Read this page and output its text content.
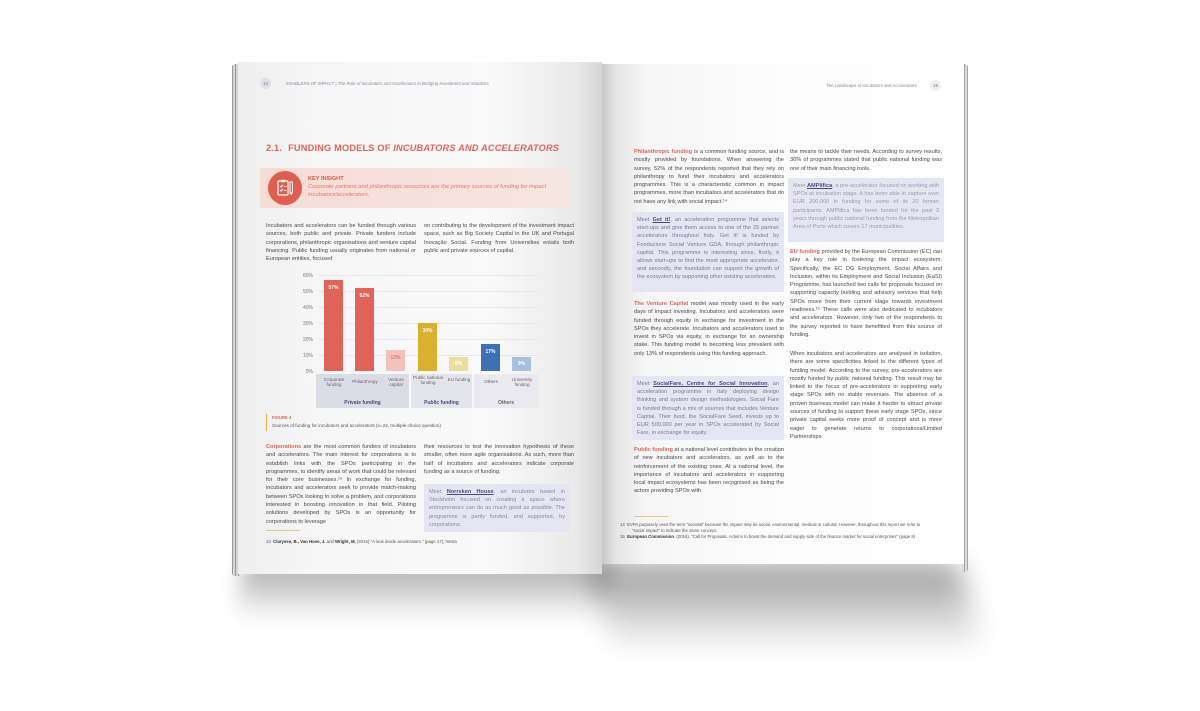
14	ENABLERS OF IMPACT | The Role of Incubators and Accelerators in Bridging Investment and Solutions
2.1. FUNDING MODELS OF INCUBATORS AND ACCELERATORS
KEY INSIGHT
Corporate partners and philanthropic resources are the primary sources of funding for impact incubators/accelerators.
Incubators and accelerators can be funded through various sources, both public and private. Private funders include corporations, philanthropic organisations and venture capital financing. Public funding usually originates from national or European entities, focused
on contributing to the development of the investment impact space, such as Big Society Capital in the UK and Portugal Inovação Social. Funding from Universities entails both public and private sources of capital.
60%
50%
40%
30%
20%
10%
0%
57%
52%
13%
30%
9%
17%
9%
Corporate funding
Philanthropy	Venture capital
Public national funding
EU funding	Others	University funding
Private funding	Public funding	Others
FIGURE 4
Sources of funding for incubators and accelerators (n=22, multiple choice question)
Corporations are the most common funders of incubators and accelerators. The main interest for corporations is to establish links with the SPOs participating in the programmes, to identify areas of work that could be relevant for their core businesses.¹³ In exchange for funding, incubators and accelerators seek to provide match-making between SPOs looking to solve a problem, and corporations interested in boosting innovation in that field. Piloting solutions developed by SPOs is an opportunity for corporations to leverage
their resources to test the innovation hypothesis of these smaller, often more agile organisations. As such, more than half of incubators and accelerators indicate corporate funding as a source of funding.
Meet Norrsken House, an incubator based in Stockholm focused on creating a space where entrepreneurs can do as much good as possible. The programme is partly funded, and supported, by corporations.
13 Clarysse, B., Van Hove, J. and Wright, M. (2015) "A look inside accelerators." (page 17), Nesta
The Landscape of Incubators and Accelerators	15
Philanthropic funding is a common funding source, and is mostly provided by foundations. When answering the survey, 52% of the respondents reported that they rely on philanthropy to fund their incubators and accelerators programmes. This is a characteristic common in impact programmes, more than incubators and accelerators that do not have any link with social impact.¹⁴
Meet Get it!, an acceleration programme that selects start-ups and give them access to one of the 25 partner accelerators throughout Italy. Get it! is funded by Fondazione Social Venture GDA, through philanthropic capital. This programme is interesting since, firstly, it allows start-ups to find the most appropriate accelerator, and secondly, the foundation can support the growth of the ecosystem by supporting other existing accelerators.
The Venture Capital model was mostly used in the early days of impact investing. Incubators and accelerators were funded through equity in exchange for investment in the SPOs they accelerate. Incubators and accelerators used to invest in SPOs via equity, in exchange for an ownership stake. This funding model is becoming less prevalent with only 13% of respondents using this funding approach.
Meet SocialFare, Centre for Social Innovation, an acceleration programme in Italy deploying design thinking and system design methodologies. Social Fare is funded through a mix of sources that includes Venture Capital. Their fund, the SocialFare Seed, invests up to EUR 500,000 per year in SPOs accelerated by Social Fare, in exchange for equity.
Public funding at a national level contributes to the creation of new incubators and accelerators, as well as to the reinforcement of the existing ones. At a national level, the importance of incubators and accelerators in supporting local impact ecosystems has been recognised as being the actors providing SPOs with
the means to tackle their needs. According to survey results, 30% of programmes stated that public national funding was one of their main financing tools.
Meet AMPlifica, a pre-accelerator focused on working with SPOs at incubation stage. It has been able to capture over EUR 200,000 in funding for some of its 20 former participants. AMPlifica has been funded for the past 3 years through public national funding from the Metropolitan Area of Porto which covers 17 municipalities.
EU funding provided by the European Commission (EC) can play a key role in fostering the impact ecosystem. Specifically, the EC DG Employment, Social Affairs and Inclusion, within its Employment and Social Inclusion (EaSI) Programme, has launched two calls for proposals focused on supporting capacity building and advisory services that help SPOs move from their current stage towards investment readiness.¹⁵ These calls were also dedicated to incubators and accelerators. However, only two of the respondents to the survey reported to have benefitted from this source of funding.
When incubators and accelerators are analysed in isolation, there are some specificities linked to the different types of funding model. According to the survey, pre-accelerators are mostly funded by public national funding. This result may be linked to the focus of pre-accelerators in supporting early stage SPOs with no stable revenues. The absence of a proven business model can make it harder to attract private sources of funding to support these early stage SPOs, since private capital seeks more proof of concept and is more eager to generate returns to corporations/Limited Partnerships.
14 EVPA purposely uses the term "societal" because the impact may be social, environmental, medical or cultural. However, throughout this report we refer to "social impact" to indicate the same concept.
15 European Commission. (2016). "Call for Proposals. Actions to boost the demand and supply side of the finance market for social enterprises" (page 9)
